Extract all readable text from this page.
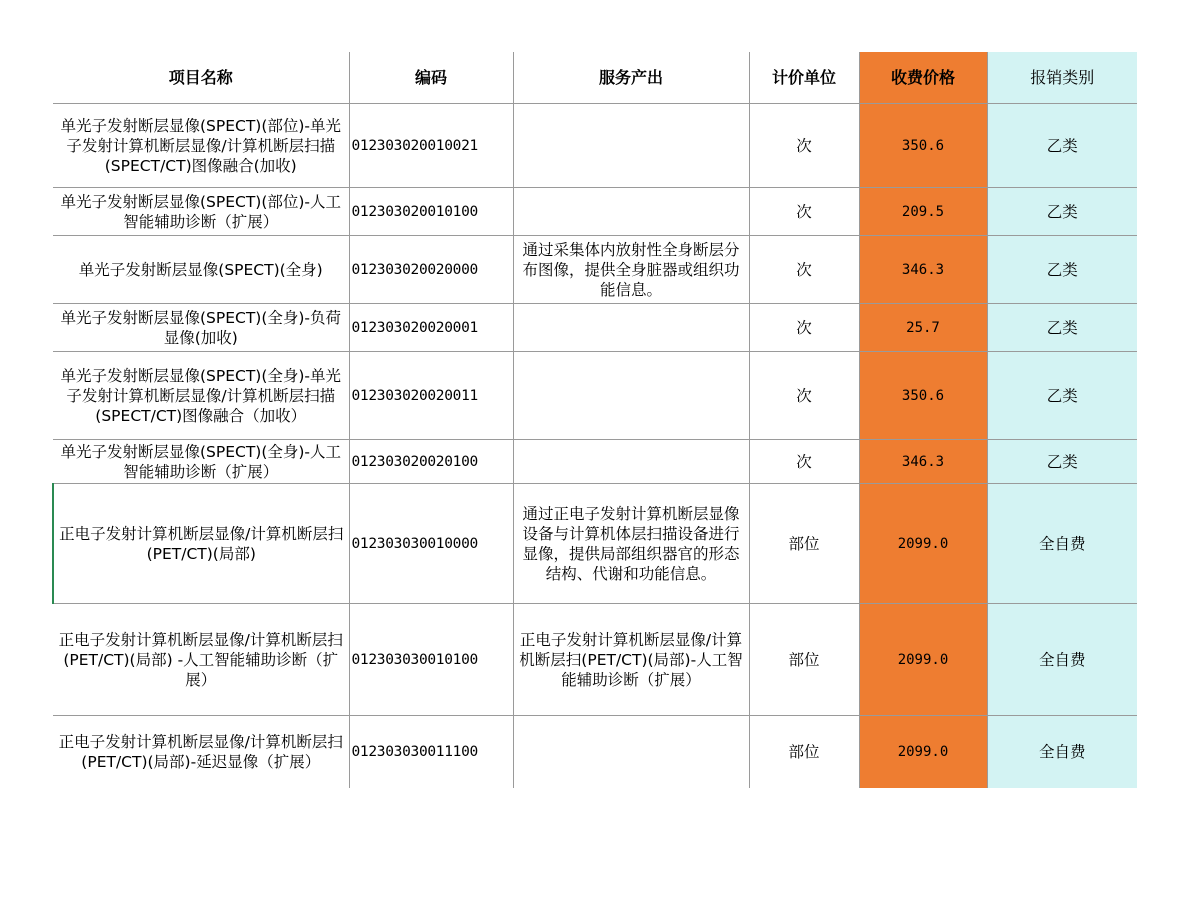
项目名称	编码	服务产出	计价单位	收费价格	报销类别
单光子发射断层显像(SPECT)(部位)-单光子发射计算机断层显像/计算机断层扫描(SPECT/CT)图像融合(加收)	012303020010021		次	350.6	乙类
单光子发射断层显像(SPECT)(部位)-人工智能辅助诊断（扩展）	012303020010100		次	209.5	乙类
单光子发射断层显像(SPECT)(全身)	012303020020000	通过采集体内放射性全身断层分布图像，提供全身脏器或组织功能信息。	次	346.3	乙类
单光子发射断层显像(SPECT)(全身)-负荷显像(加收)	012303020020001		次	25.7	乙类
单光子发射断层显像(SPECT)(全身)-单光子发射计算机断层显像/计算机断层扫描(SPECT/CT)图像融合（加收）	012303020020011		次	350.6	乙类
单光子发射断层显像(SPECT)(全身)-人工智能辅助诊断（扩展）	012303020020100		次	346.3	乙类
正电子发射计算机断层显像/计算机断层扫(PET/CT)(局部)	012303030010000	通过正电子发射计算机断层显像设备与计算机体层扫描设备进行显像，提供局部组织器官的形态结构、代谢和功能信息。	部位	2099.0	全自费
正电子发射计算机断层显像/计算机断层扫(PET/CT)(局部) -人工智能辅助诊断（扩展）	012303030010100	正电子发射计算机断层显像/计算机断层扫(PET/CT)(局部)-人工智能辅助诊断（扩展）	部位	2099.0	全自费
正电子发射计算机断层显像/计算机断层扫(PET/CT)(局部)-延迟显像（扩展）	012303030011100		部位	2099.0	全自费
